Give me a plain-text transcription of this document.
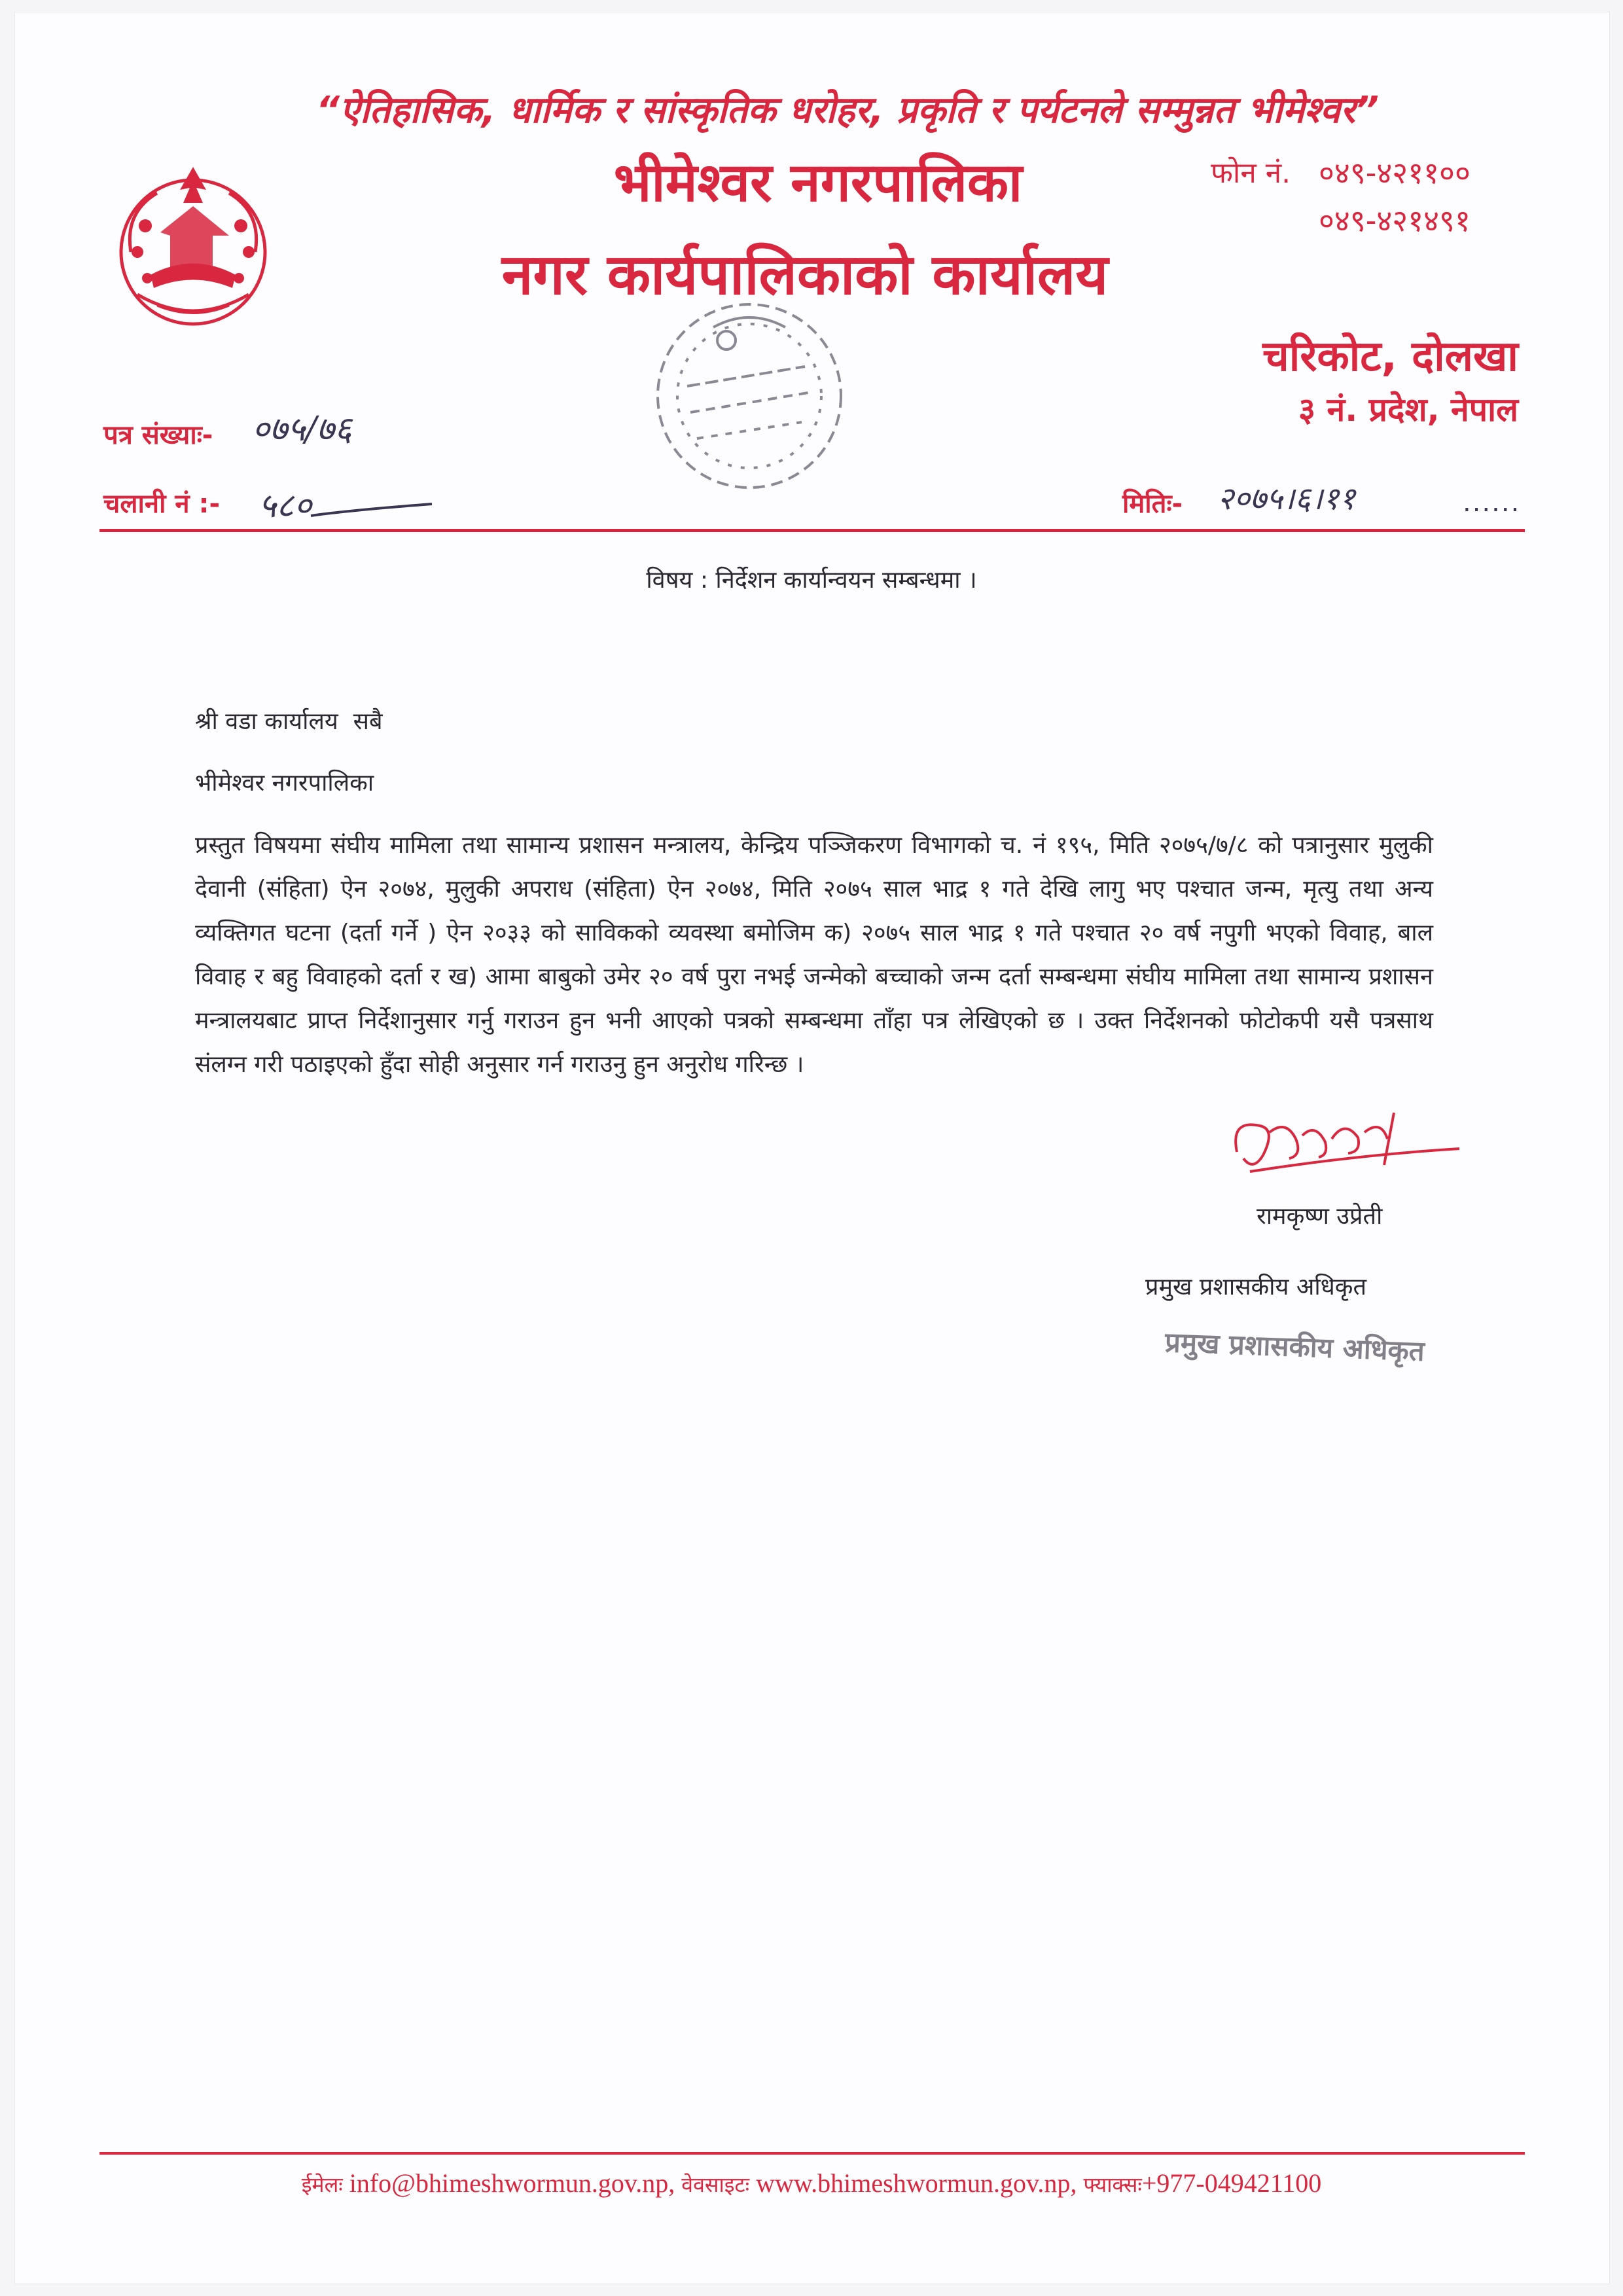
“ऐतिहासिक, धार्मिक र सांस्कृतिक धरोहर, प्रकृति र पर्यटनले सम्मुन्नत भीमेश्वर”
भीमेश्वर नगरपालिका
नगर कार्यपालिकाको कार्यालय
फोन नं. ०४९-४२११००
०४९-४२१४९१
चरिकोट, दोलखा
३ नं. प्रदेश, नेपाल
पत्र संख्याः- ०७५/७६
चलानी नं :- ५८०	मितिः- २०७५।६।११	......
विषय : निर्देशन कार्यान्वयन सम्बन्धमा ।
श्री वडा कार्यालय  सबै
भीमेश्वर नगरपालिका
प्रस्तुत विषयमा संघीय मामिला तथा सामान्य प्रशासन मन्त्रालय, केन्द्रिय पञ्जिकरण विभागको च. नं १९५, मिति २०७५/७/८ को पत्रानुसार मुलुकी देवानी (संहिता) ऐन २०७४, मुलुकी अपराध (संहिता) ऐन २०७४, मिति २०७५ साल भाद्र १ गते देखि लागु भए पश्चात जन्म, मृत्यु तथा अन्य व्यक्तिगत घटना (दर्ता गर्ने ) ऐन २०३३ को साविकको व्यवस्था बमोजिम क) २०७५ साल भाद्र १ गते पश्चात २० वर्ष नपुगी भएको विवाह, बाल विवाह र बहु विवाहको दर्ता र ख) आमा बाबुको उमेर २० वर्ष पुरा नभई जन्मेको बच्चाको जन्म दर्ता सम्बन्धमा संघीय मामिला तथा सामान्य प्रशासन मन्त्रालयबाट प्राप्त निर्देशानुसार गर्नु गराउन हुन भनी आएको पत्रको सम्बन्धमा ताँहा पत्र लेखिएको छ । उक्त निर्देशनको फोटोकपी यसै पत्रसाथ संलग्न गरी पठाइएको हुँदा सोही अनुसार गर्न गराउनु हुन अनुरोध गरिन्छ ।
रामकृष्ण उप्रेती
प्रमुख प्रशासकीय अधिकृत
प्रमुख प्रशासकीय अधिकृत
ईमेलः info@bhimeshwormun.gov.np, वेवसाइटः www.bhimeshwormun.gov.np, फ्याक्सः+977-049421100
